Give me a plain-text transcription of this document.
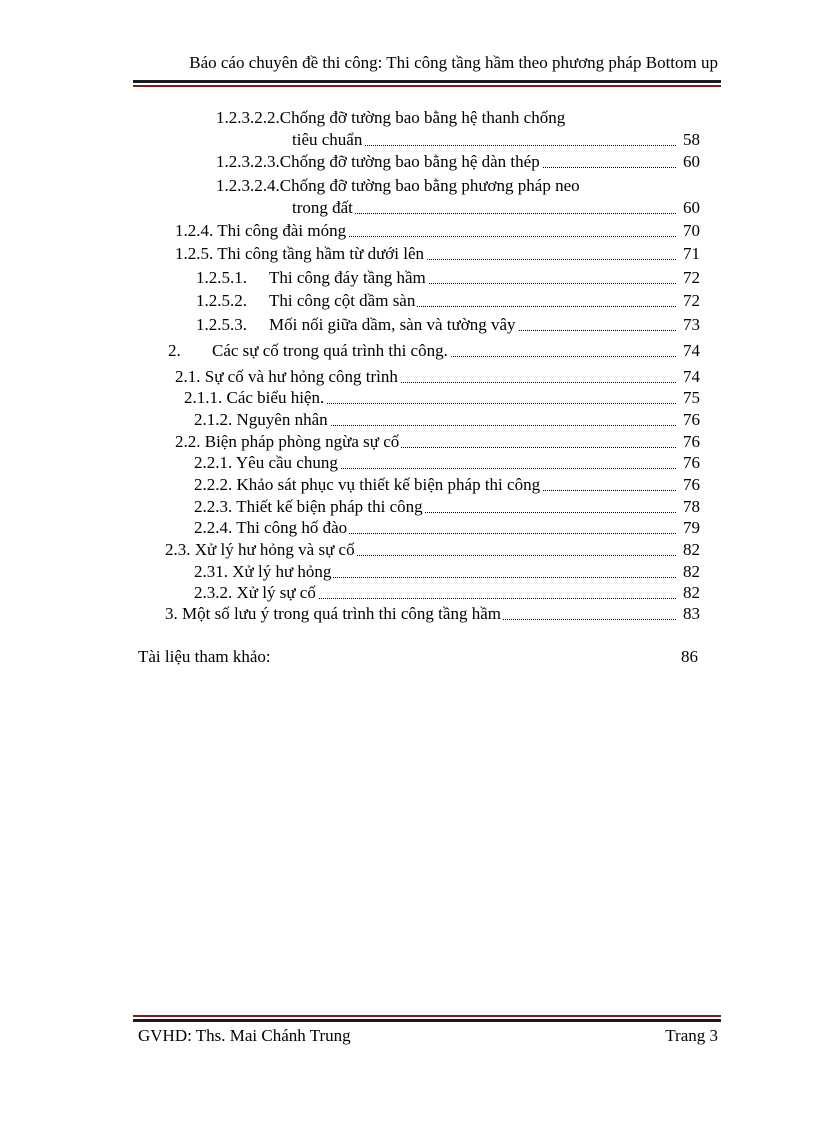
Báo cáo chuyên đề thi công: Thi công tầng hầm theo phương pháp Bottom up
1.2.3.2.2.Chống đỡ tường bao bằng hệ thanh chống
tiêu chuẩn	58
1.2.3.2.3.Chống đỡ tường bao bằng hệ dàn thép	60
1.2.3.2.4.Chống đỡ tường bao bằng phương pháp neo
trong đất	60
1.2.4. Thi công đài móng	70
1.2.5. Thi công tầng hầm từ dưới lên	71
1.2.5.1. Thi công đáy tầng hầm	72
1.2.5.2. Thi công cột dầm sàn	72
1.2.5.3. Mối nối giữa dầm, sàn và tường vây	73
2. Các sự cố trong quá trình thi công.	74
2.1. Sự cố và hư hỏng công trình	74
2.1.1. Các biểu hiện.	75
2.1.2. Nguyên nhân	76
2.2. Biện pháp phòng ngừa sự cố	76
2.2.1. Yêu cầu chung	76
2.2.2. Khảo sát phục vụ thiết kế biện pháp thi công	76
2.2.3. Thiết kế biện pháp thi công	78
2.2.4. Thi công hố đào	79
2.3. Xử lý hư hỏng và sự cố	82
2.31. Xử lý hư hỏng	82
2.3.2. Xử lý sự cố	82
3. Một số lưu ý trong quá trình thi công tầng hầm	83
Tài liệu tham khảo:	86
GVHD: Ths. Mai Chánh Trung	Trang 3
